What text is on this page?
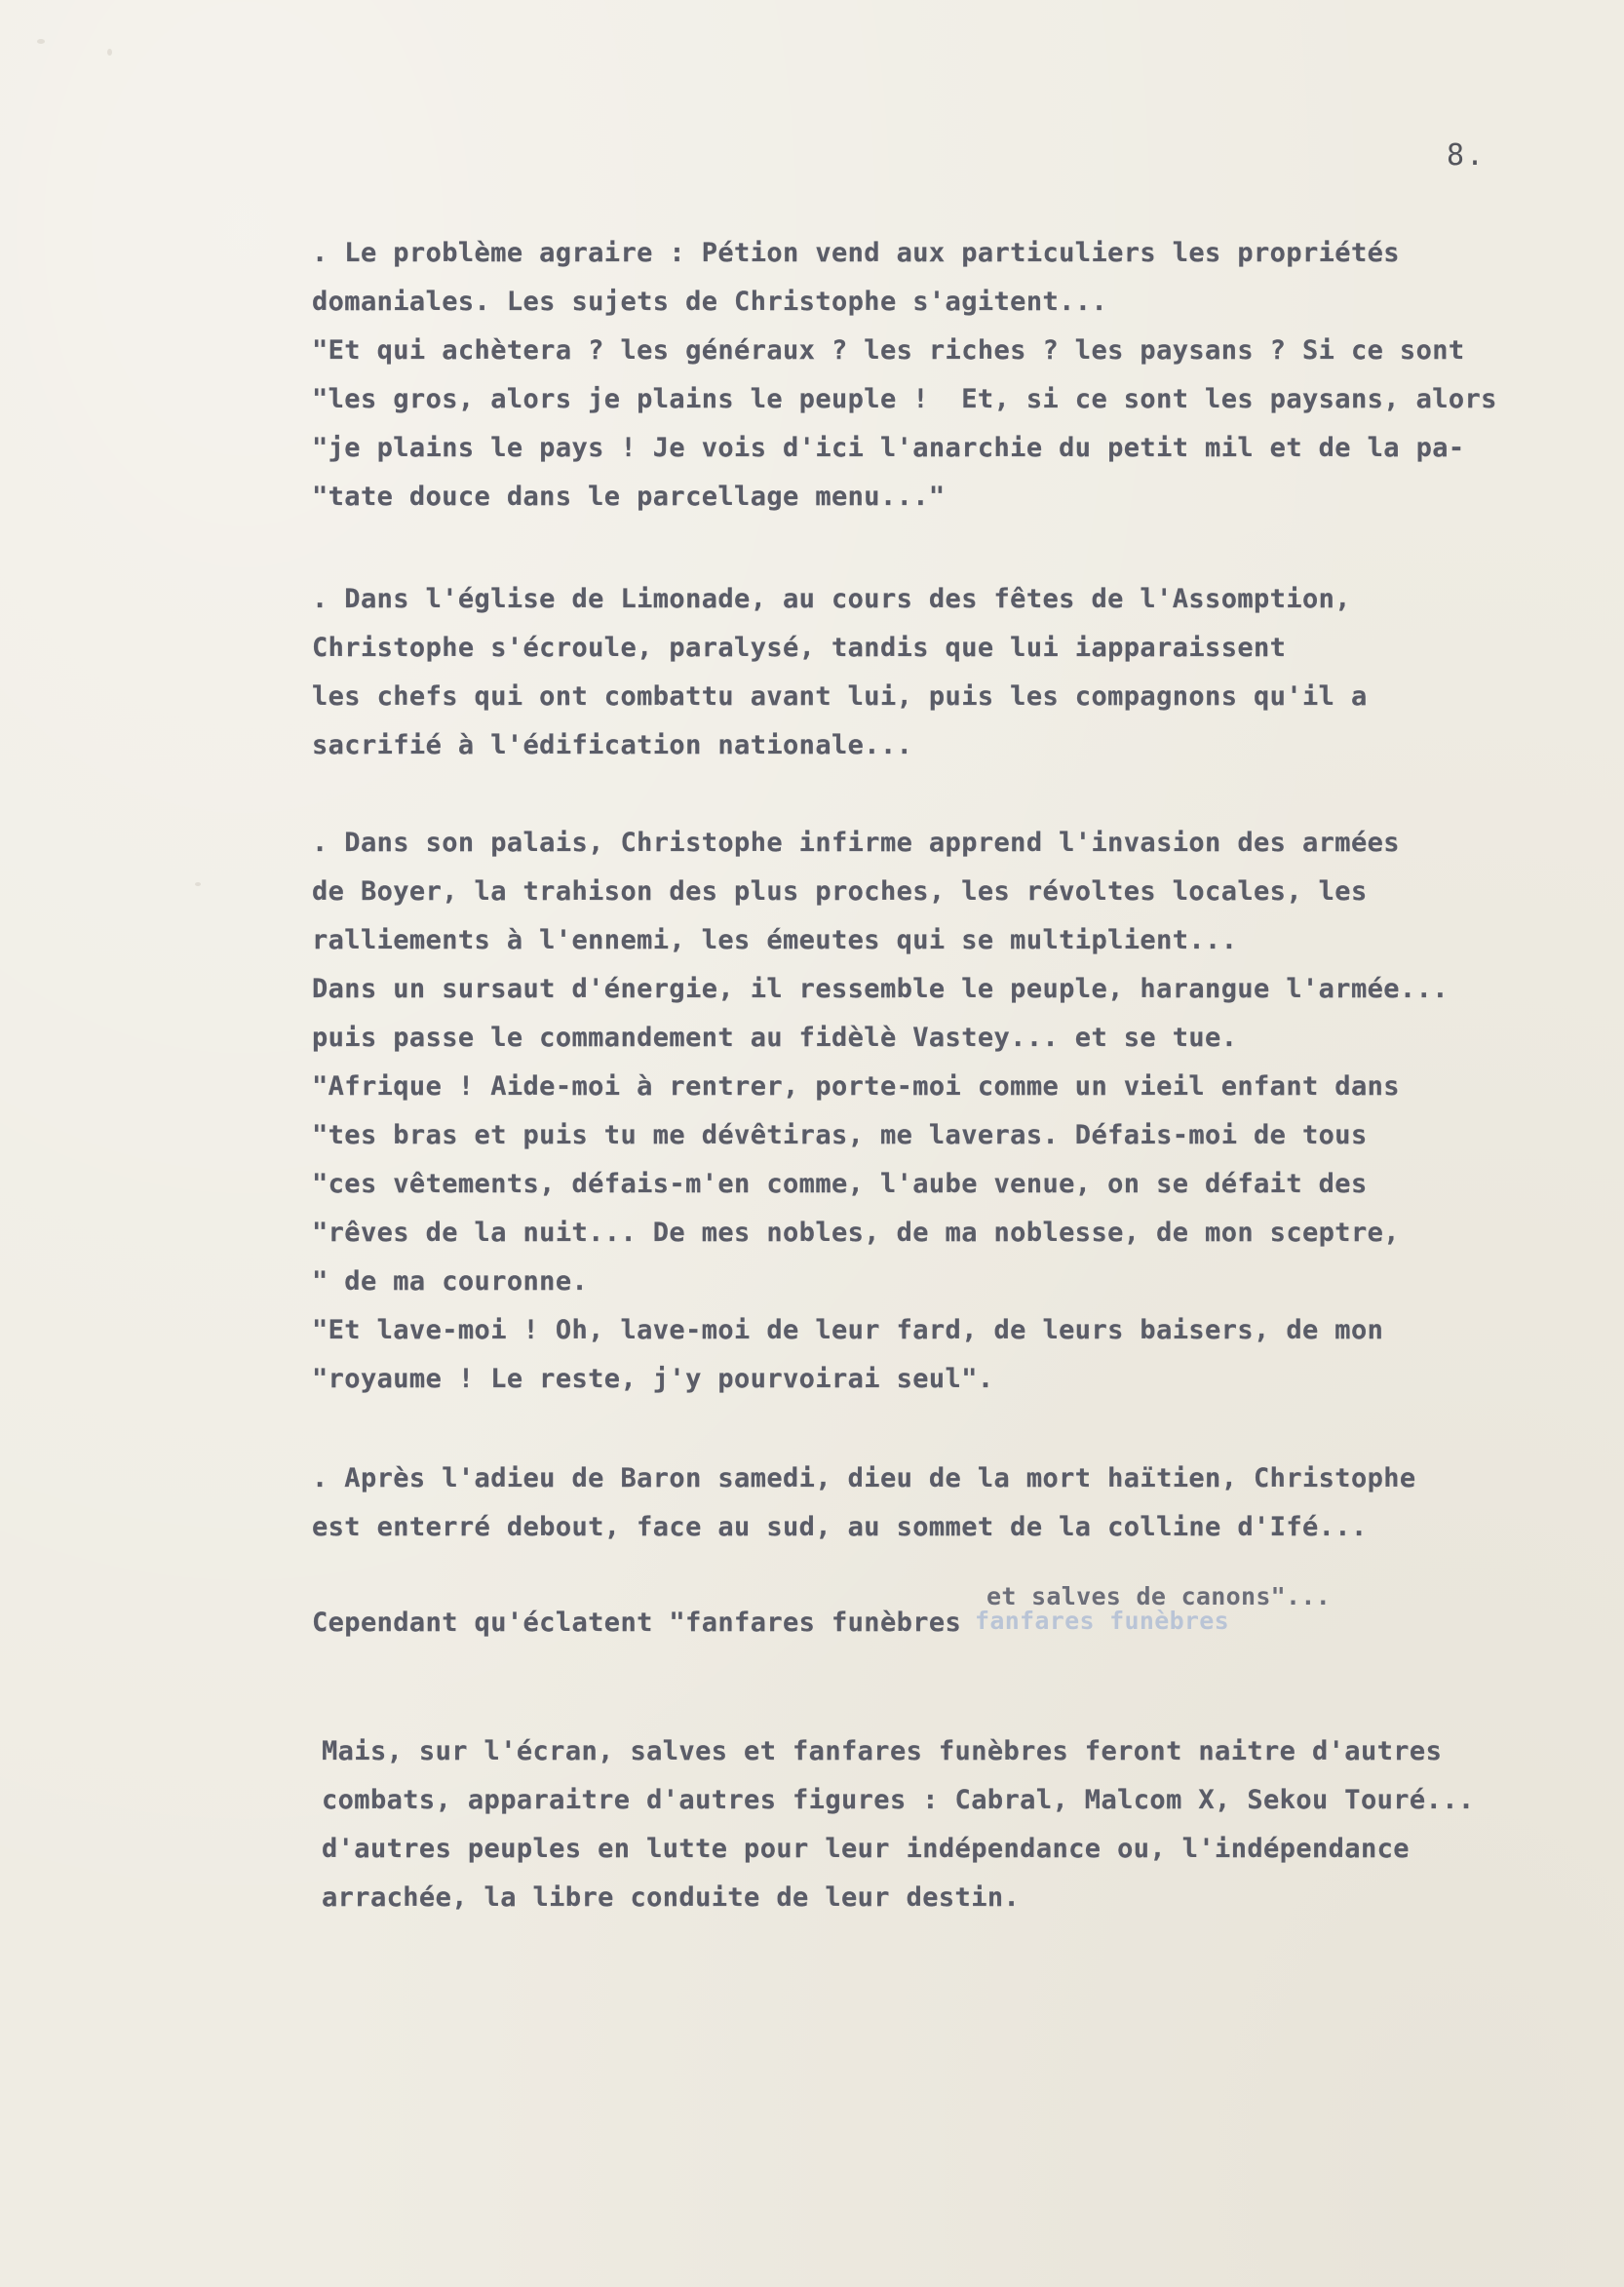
8.
. Le problème agraire : Pétion vend aux particuliers les propriétés
domaniales. Les sujets de Christophe s'agitent...
"Et qui achètera ? les généraux ? les riches ? les paysans ? Si ce sont
"les gros, alors je plains le peuple !  Et, si ce sont les paysans, alors
"je plains le pays ! Je vois d'ici l'anarchie du petit mil et de la pa-
"tate douce dans le parcellage menu..."
. Dans l'église de Limonade, au cours des fêtes de l'Assomption,
Christophe s'écroule, paralysé, tandis que lui iapparaissent
les chefs qui ont combattu avant lui, puis les compagnons qu'il a
sacrifié à l'édification nationale...
. Dans son palais, Christophe infirme apprend l'invasion des armées
de Boyer, la trahison des plus proches, les révoltes locales, les
ralliements à l'ennemi, les émeutes qui se multiplient...
Dans un sursaut d'énergie, il ressemble le peuple, harangue l'armée...
puis passe le commandement au fidèlè Vastey... et se tue.
"Afrique ! Aide-moi à rentrer, porte-moi comme un vieil enfant dans
"tes bras et puis tu me dévêtiras, me laveras. Défais-moi de tous
"ces vêtements, défais-m'en comme, l'aube venue, on se défait des
"rêves de la nuit... De mes nobles, de ma noblesse, de mon sceptre,
" de ma couronne.
"Et lave-moi ! Oh, lave-moi de leur fard, de leurs baisers, de mon
"royaume ! Le reste, j'y pourvoirai seul".
. Après l'adieu de Baron samedi, dieu de la mort haïtien, Christophe
est enterré debout, face au sud, au sommet de la colline d'Ifé...
Cependant qu'éclatent "fanfares funèbres
et salves de canons"...
fanfares funèbres
Mais, sur l'écran, salves et fanfares funèbres feront naitre d'autres
combats, apparaitre d'autres figures : Cabral, Malcom X, Sekou Touré...
d'autres peuples en lutte pour leur indépendance ou, l'indépendance
arrachée, la libre conduite de leur destin.
